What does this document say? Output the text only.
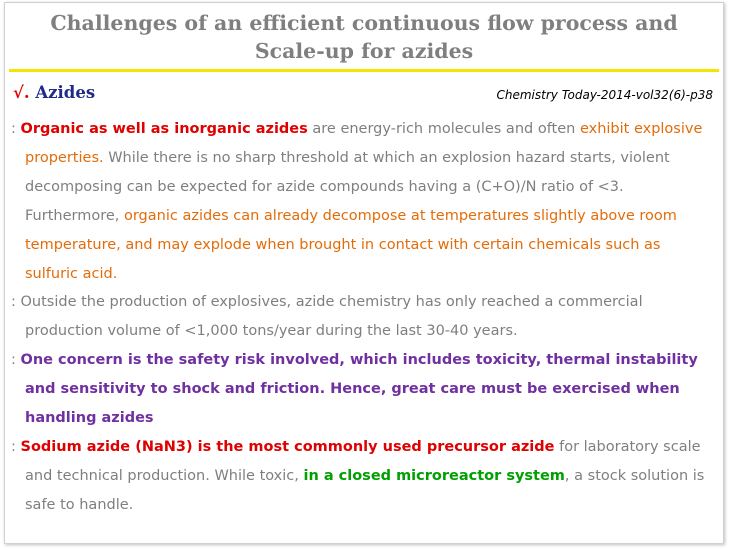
Challenges of an efficient continuous flow process and
Scale-up for azides
√. Azides	Chemistry Today-2014-vol32(6)-p38

: Organic as well as inorganic azides are energy-rich molecules and often exhibit explosive properties. While there is no sharp threshold at which an explosion hazard starts, violent decomposing can be expected for azide compounds having a (C+O)/N ratio of <3. Furthermore, organic azides can already decompose at temperatures slightly above room temperature, and may explode when brought in contact with certain chemicals such as sulfuric acid.

: Outside the production of explosives, azide chemistry has only reached a commercial production volume of <1,000 tons/year during the last 30-40 years.

: One concern is the safety risk involved, which includes toxicity, thermal instability and sensitivity to shock and friction. Hence, great care must be exercised when handling azides

: Sodium azide (NaN3) is the most commonly used precursor azide for laboratory scale and technical production. While toxic, in a closed microreactor system, a stock solution is safe to handle.
